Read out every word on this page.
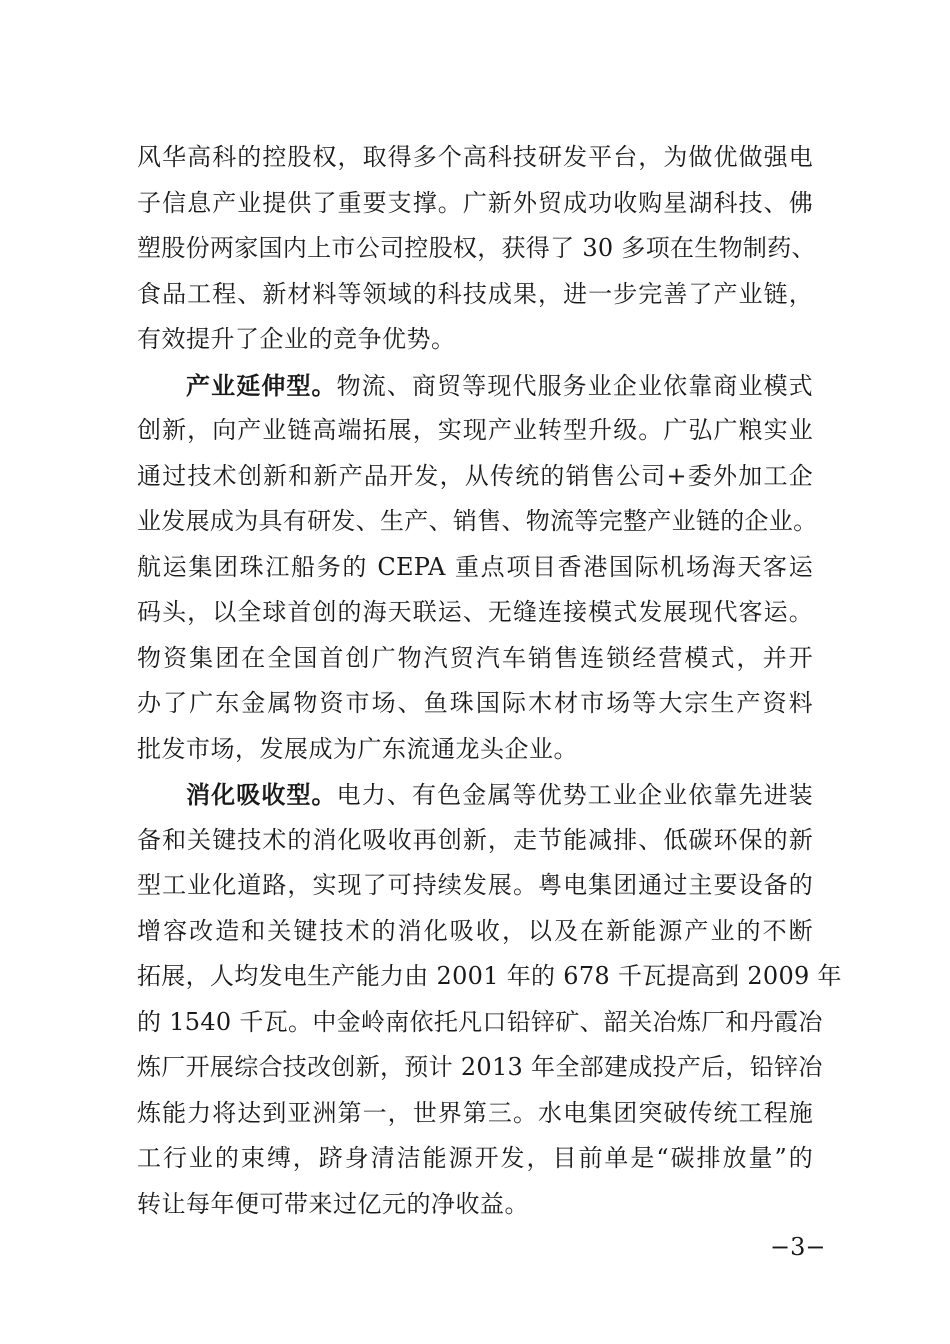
风华高科的控股权，取得多个高科技研发平台，为做优做强电
子信息产业提供了重要支撑。广新外贸成功收购星湖科技、佛
塑股份两家国内上市公司控股权，获得了 30 多项在生物制药、
食品工程、新材料等领域的科技成果，进一步完善了产业链，
有效提升了企业的竞争优势。
产业延伸型。物流、商贸等现代服务业企业依靠商业模式
创新，向产业链高端拓展，实现产业转型升级。广弘广粮实业
通过技术创新和新产品开发，从传统的销售公司+委外加工企
业发展成为具有研发、生产、销售、物流等完整产业链的企业。
航运集团珠江船务的 CEPA 重点项目香港国际机场海天客运
码头，以全球首创的海天联运、无缝连接模式发展现代客运。
物资集团在全国首创广物汽贸汽车销售连锁经营模式，并开
办了广东金属物资市场、鱼珠国际木材市场等大宗生产资料
批发市场，发展成为广东流通龙头企业。
消化吸收型。电力、有色金属等优势工业企业依靠先进装
备和关键技术的消化吸收再创新，走节能减排、低碳环保的新
型工业化道路，实现了可持续发展。粤电集团通过主要设备的
增容改造和关键技术的消化吸收，以及在新能源产业的不断
拓展，人均发电生产能力由 2001 年的 678 千瓦提高到 2009 年
的 1540 千瓦。中金岭南依托凡口铅锌矿、韶关冶炼厂和丹霞冶
炼厂开展综合技改创新，预计 2013 年全部建成投产后，铅锌冶
炼能力将达到亚洲第一，世界第三。水电集团突破传统工程施
工行业的束缚，跻身清洁能源开发，目前单是“碳排放量”的
转让每年便可带来过亿元的净收益。
−3−
